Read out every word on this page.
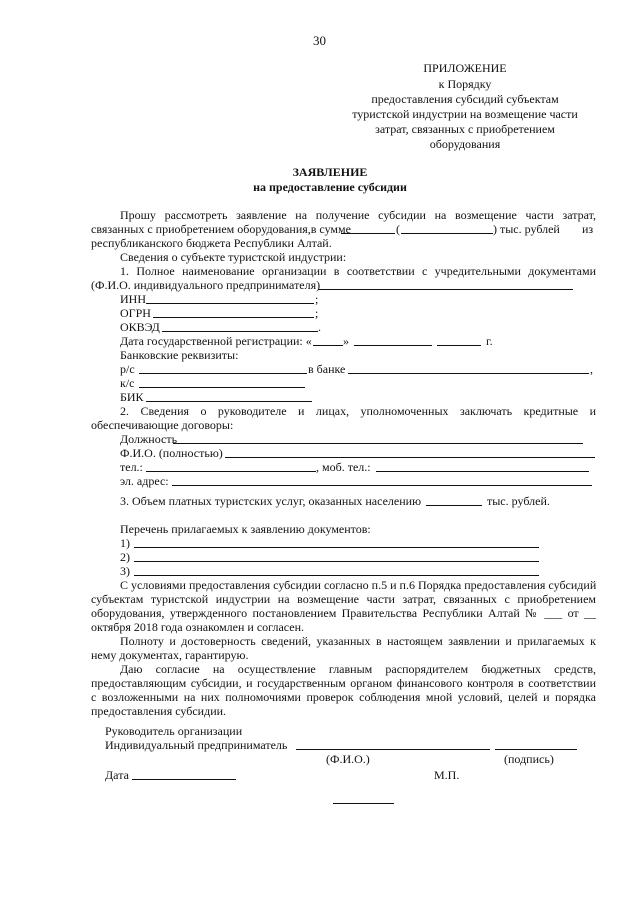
30
ПРИЛОЖЕНИЕ
к Порядку
предоставления субсидий субъектам
туристской индустрии на возмещение части
затрат, связанных с приобретением
оборудования
ЗАЯВЛЕНИЕ
на предоставление субсидии
Прошу рассмотреть заявление на получение субсидии на возмещение части затрат,
связанных с приобретением оборудования,в сумме	(	) тыс. рублей из
республиканского бюджета Республики Алтай.
Сведения о субъекте туристской индустрии:
1. Полное наименование организации в соответствии с учредительными документами
(Ф.И.О. индивидуального предпринимателя)
ИНН	;
ОГРН	;
ОКВЭД	.
Дата государственной регистрации: «	»	г.
Банковские реквизиты:
р/с	в банке	,
к/с
БИК
2. Сведения о руководителе и лицах, уполномоченных заключать кредитные и
обеспечивающие договоры:
Должность
Ф.И.О. (полностью)
тел.:	, моб. тел.:
эл. адрес:
3. Объем платных туристских услуг, оказанных населению	тыс. рублей.
Перечень прилагаемых к заявлению документов:
1)
2)
3)
С условиями предоставления субсидии согласно п.5 и п.6 Порядка предоставления субсидий
субъектам туристской индустрии на возмещение части затрат, связанных с приобретением
оборудования, утвержденного постановлением Правительства Республики Алтай № ___ от __
октября 2018 года ознакомлен и согласен.
Полноту и достоверность сведений, указанных в настоящем заявлении и прилагаемых к
нему документах, гарантирую.
Даю согласие на осуществление главным распорядителем бюджетных средств,
предоставляющим субсидии, и государственным органом финансового контроля в соответствии
с возложенными на них полномочиями проверок соблюдения мной условий, целей и порядка
предоставления субсидии.
Руководитель организации
Индивидуальный предприниматель
(Ф.И.О.)	(подпись)
Дата	М.П.
